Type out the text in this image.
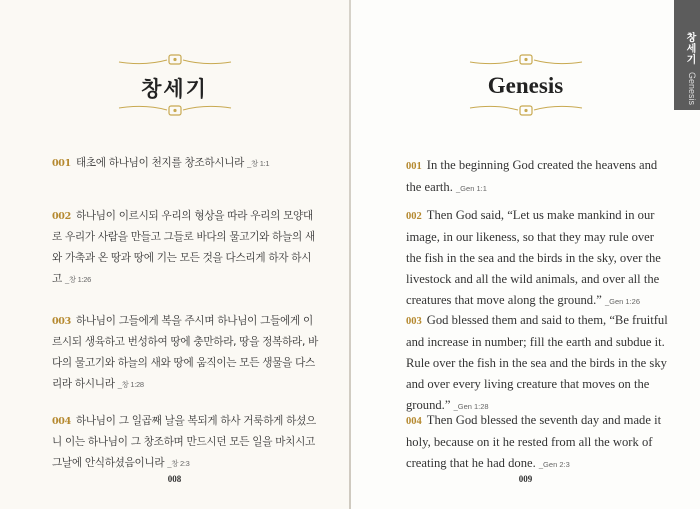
창세기
001 태초에 하나님이 천지를 창조하시니라 _창 1:1
002 하나님이 이르시되 우리의 형상을 따라 우리의 모양대로 우리가 사람을 만들고 그들로 바다의 물고기와 하늘의 새와 가축과 온 땅과 땅에 기는 모든 것을 다스리게 하자 하시고 _창 1:26
003 하나님이 그들에게 복을 주시며 하나님이 그들에게 이르시되 생육하고 번성하여 땅에 충만하라, 땅을 정복하라, 바다의 물고기와 하늘의 새와 땅에 움직이는 모든 생물을 다스리라 하시니라 _창 1:28
004 하나님이 그 일곱째 날을 복되게 하사 거룩하게 하셨으니 이는 하나님이 그 창조하며 만드시던 모든 일을 마치시고 그날에 안식하셨음이니라 _창 2:3
008
Genesis
001 In the beginning God created the heavens and the earth. _Gen 1:1
002 Then God said, “Let us make mankind in our image, in our likeness, so that they may rule over the fish in the sea and the birds in the sky, over the livestock and all the wild animals, and over all the creatures that move along the ground.” _Gen 1:26
003 God blessed them and said to them, “Be fruitful and increase in number; fill the earth and subdue it. Rule over the fish in the sea and the birds in the sky and over every living creature that moves on the ground.” _Gen 1:28
004 Then God blessed the seventh day and made it holy, because on it he rested from all the work of creating that he had done. _Gen 2:3
009
창세기
Genesis
